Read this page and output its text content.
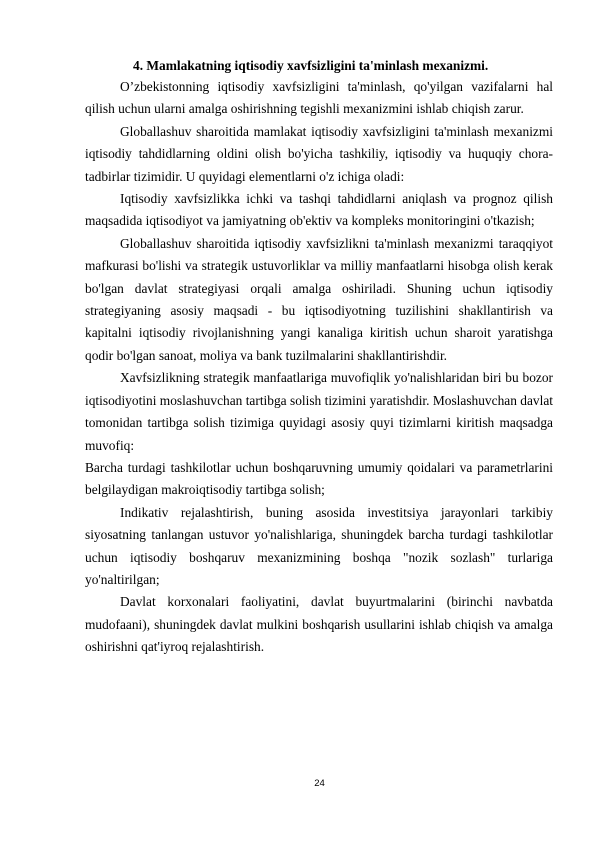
4. Mamlakatning iqtisodiy xavfsizligini ta'minlash mexanizmi.

O’zbekistonning iqtisodiy xavfsizligini ta'minlash, qo'yilgan vazifalarni hal qilish uchun ularni amalga oshirishning tegishli mexanizmini ishlab chiqish zarur.

Globallashuv sharoitida mamlakat iqtisodiy xavfsizligini ta'minlash mexanizmi iqtisodiy tahdidlarning oldini olish bo'yicha tashkiliy, iqtisodiy va huquqiy chora-tadbirlar tizimidir. U quyidagi elementlarni o'z ichiga oladi:

Iqtisodiy xavfsizlikka ichki va tashqi tahdidlarni aniqlash va prognoz qilish maqsadida iqtisodiyot va jamiyatning ob'ektiv va kompleks monitoringini o'tkazish;

Globallashuv sharoitida iqtisodiy xavfsizlikni ta'minlash mexanizmi taraqqiyot mafkurasi bo'lishi va strategik ustuvorliklar va milliy manfaatlarni hisobga olish kerak bo'lgan davlat strategiyasi orqali amalga oshiriladi. Shuning uchun iqtisodiy strategiyaning asosiy maqsadi - bu iqtisodiyotning tuzilishini shakllantirish va kapitalni iqtisodiy rivojlanishning yangi kanaliga kiritish uchun sharoit yaratishga qodir bo'lgan sanoat, moliya va bank tuzilmalarini shakllantirishdir.

Xavfsizlikning strategik manfaatlariga muvofiqlik yo'nalishlaridan biri bu bozor iqtisodiyotini moslashuvchan tartibga solish tizimini yaratishdir. Moslashuvchan davlat tomonidan tartibga solish tizimiga quyidagi asosiy quyi tizimlarni kiritish maqsadga muvofiq:

Barcha turdagi tashkilotlar uchun boshqaruvning umumiy qoidalari va parametrlarini belgilaydigan makroiqtisodiy tartibga solish;

Indikativ rejalashtirish, buning asosida investitsiya jarayonlari tarkibiy siyosatning tanlangan ustuvor yo'nalishlariga, shuningdek barcha turdagi tashkilotlar uchun iqtisodiy boshqaruv mexanizmining boshqa "nozik sozlash" turlariga yo'naltirilgan;

Davlat korxonalari faoliyatini, davlat buyurtmalarini (birinchi navbatda mudofaani), shuningdek davlat mulkini boshqarish usullarini ishlab chiqish va amalga oshirishni qat'iyroq rejalashtirish.

24
